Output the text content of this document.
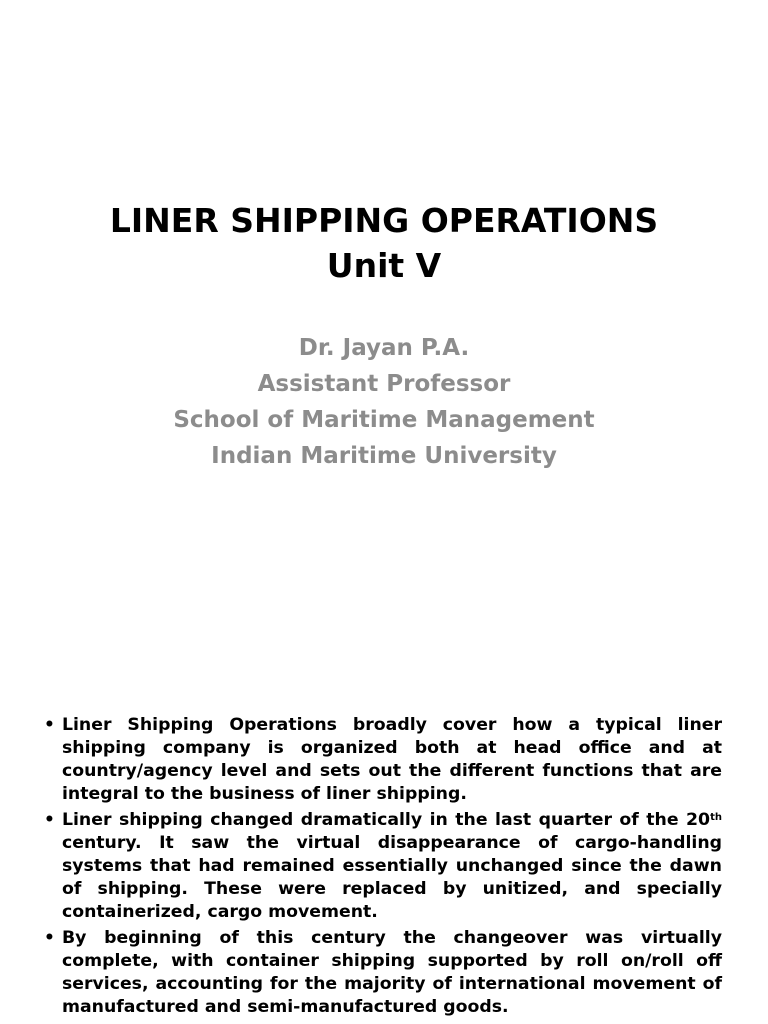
LINER SHIPPING OPERATIONS
Unit V
Dr. Jayan P.A.
Assistant Professor
School of Maritime Management
Indian Maritime University
• Liner Shipping Operations broadly cover how a typical liner shipping company is organized both at head office and at country/agency level and sets out the different functions that are integral to the business of liner shipping.
• Liner shipping changed dramatically in the last quarter of the 20th century. It saw the virtual disappearance of cargo-handling systems that had remained essentially unchanged since the dawn of shipping. These were replaced by unitized, and specially containerized, cargo movement.
• By beginning of this century the changeover was virtually complete, with container shipping supported by roll on/roll off services, accounting for the majority of international movement of manufactured and semi-manufactured goods.
